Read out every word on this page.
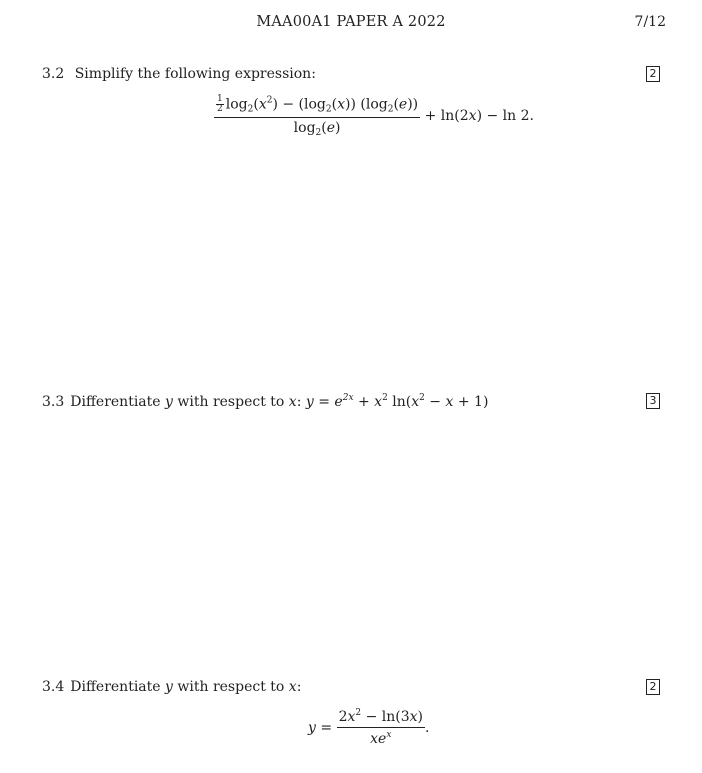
MAA00A1 PAPER A 2022	7/12
3.2 Simplify the following expression:	2
$\frac{\frac{1}{2} \log_2(x^2) - (\log_2(x)) (\log_2(e))}{\log_2(e)} + \ln(2x) - \ln 2$.
3.3 Differentiate y with respect to x: $y = e^{2x} + x^2$ $\ln(x^2 - x + 1)$	3
3.4 Differentiate y with respect to x:	2
$y = \frac{2x^2 - \ln(3x)}{xe^x}$ .
